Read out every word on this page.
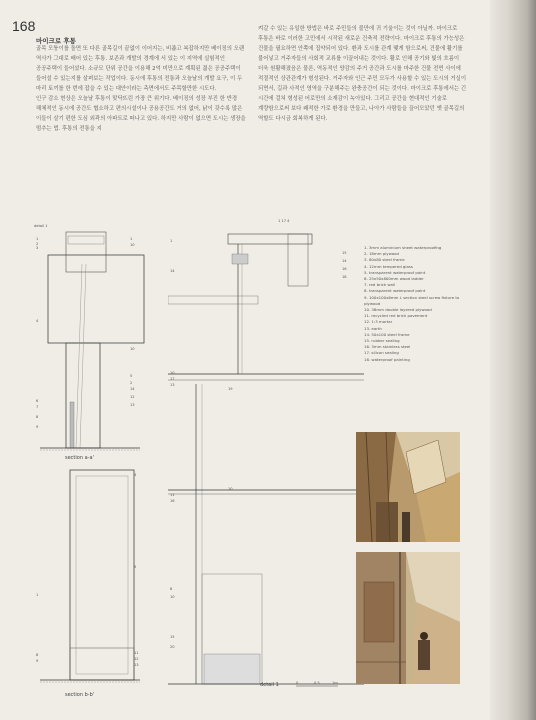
168
마이크로 후통

골목 모퉁이를 돌면 또 다른 골목길이 끝없이 이어지는, 비좁고 복잡하지만 베이징의 오랜 역사가 그대로 배어 있는 후통. 보존과 개발의 경계에 서 있는 이 지역에 실험적인 공공주택이 들어섰다. 소규모 단위 공간을 이용해 2억 미만으로 계획된 젊은 공공주택이 들어설 수 있는지를 살펴보는 작업이다. 동시에 후통의 전통과 오늘날의 개발 요구, 이 두 마리 토끼를 한 번에 잡을 수 있는 대안이라는 측면에서도 주목할만한 시도다.

인구 감소 현상은 오늘날 후통이 맞닥뜨린 가장 큰 위기다. 베이징의 성장 부진 한 반경 해체적인 동시에 공간도 협소하고 편의시설이나 공용공간도 거의 없어, 낡이 갖수록 많은 이들이 살기 편한 도심 외곽의 아파트로 떠나고 있다. 하지만 사람이 없으면 도시는 생장을 멈추는 법. 후통의 전통을 지

켜갈 수 있는 유일한 방법은 바로 주민들의 불만에 귀 기울이는 것이 아닐까. 마이크로 후통은 바로 이러한 고민에서 시작된 새로운 건축적 전략이다. 마이크로 후통의 가능성은 건물을 필요하면 안쪽에 집약되어 있다. 환과 도시를 관계 맺게 함으로써, 건물에 활기를 불어넣고 거주자들의 사회적 교류를 이끌어내는 것이다. 활로 인해 공기와 빛의 흐름이 더욱 원활해졌음은 물론, 역동적인 양감의 주거 공간과 도시를 마주한 건물 전면 사이에 적절적인 상관관계가 형성된다. 거주자와 인근 주민 모두가 사용할 수 있는 도시의 거실이 되면서, 길과 사적인 영역을 구분해주는 완충공간이 되는 것이다. 마이크로 후통에서는 긴 시간에 걸쳐 형성된 어로만의 소재감이 녹아있다. 그리고 공간을 현대적인 기술로 계량함으로써 보다 쾌적한 가로 환경을 만들고, 나아가 사람들을 끌어모았던 옛 골목길의 역할도 다시금 회복하게 된다.

detail 1
1
2
3
4
6
7
8
9
1
10
10
5
2
14
12
13
section a-a'
4
5
1
8
9
11
12
13
section b-b'
1 17 4
15
14
16
18
1
14
10
17
13
19
11
16
10
8
10
15
20
detail 1	0	0.5	1m
1. 3mm aluminium sheet waterproofing
2. 18mm plywood
3. 80x80 steel frame
4. 12mm tempered glass
5. transparent waterproof paint
6. 25x50x800mm wood ladder
7. red brick wall
8. transparent waterproof paint
9. 100x100x6mm L section steel screw fixture to plywood
10. 38mm double layered plywood
11. recycled red brick pavement
12. 1:3 mortar
13. earth
14. 50x100 steel frame
15. rubber sealing
16. 3mm stainless steel
17. silicon sealing
18. waterproof painting
